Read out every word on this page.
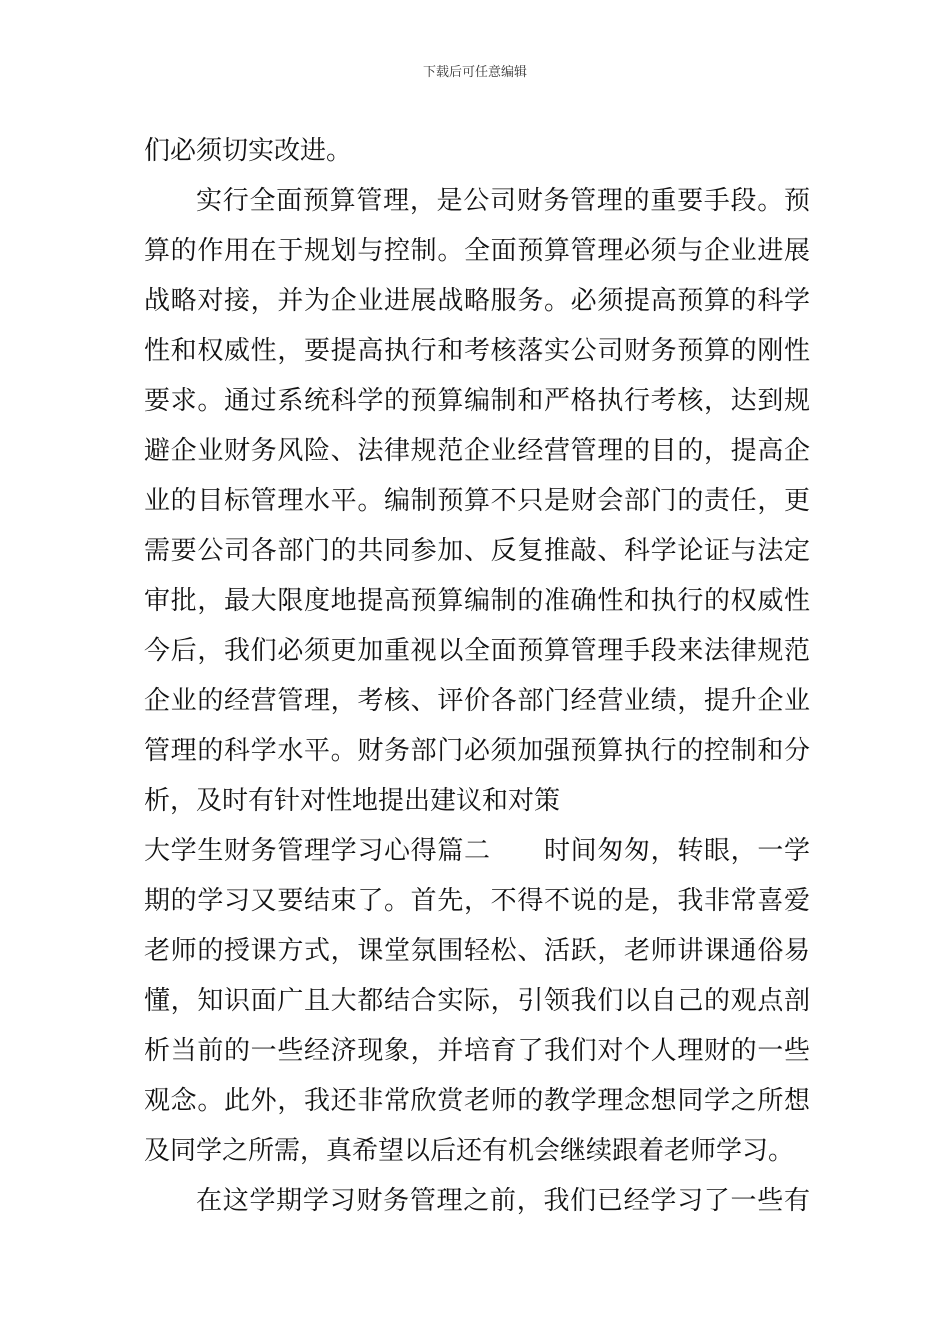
下载后可任意编辑
们必须切实改进。
实行全面预算管理，是公司财务管理的重要手段。预
算的作用在于规划与控制。全面预算管理必须与企业进展
战略对接，并为企业进展战略服务。必须提高预算的科学
性和权威性，要提高执行和考核落实公司财务预算的刚性
要求。通过系统科学的预算编制和严格执行考核，达到规
避企业财务风险、法律规范企业经营管理的目的，提高企
业的目标管理水平。编制预算不只是财会部门的责任，更
需要公司各部门的共同参加、反复推敲、科学论证与法定
审批，最大限度地提高预算编制的准确性和执行的权威性
今后，我们必须更加重视以全面预算管理手段来法律规范
企业的经营管理，考核、评价各部门经营业绩，提升企业
管理的科学水平。财务部门必须加强预算执行的控制和分
析，及时有针对性地提出建议和对策
大学生财务管理学习心得篇二　　时间匆匆，转眼，一学
期的学习又要结束了。首先，不得不说的是，我非常喜爱
老师的授课方式，课堂氛围轻松、活跃，老师讲课通俗易
懂，知识面广且大都结合实际，引领我们以自己的观点剖
析当前的一些经济现象，并培育了我们对个人理财的一些
观念。此外，我还非常欣赏老师的教学理念想同学之所想
及同学之所需，真希望以后还有机会继续跟着老师学习。
在这学期学习财务管理之前，我们已经学习了一些有
